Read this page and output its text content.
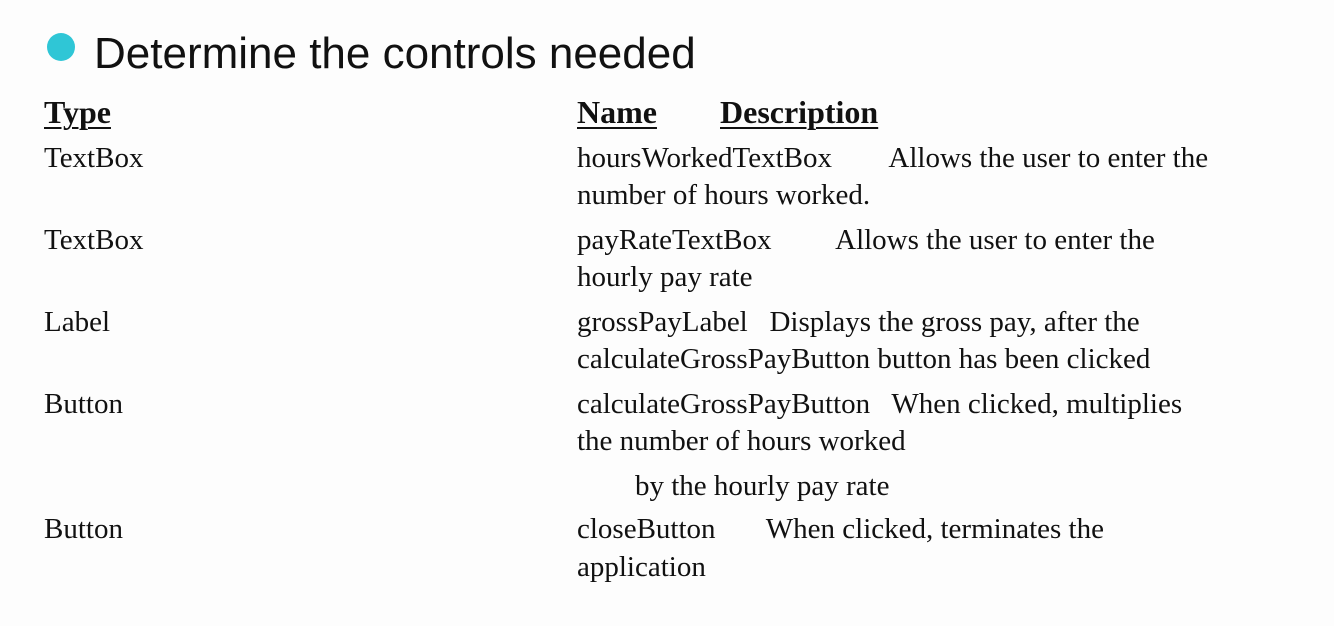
Determine the controls needed
Type	Name Description
TextBox	hoursWorkedTextBox        Allows the user to enter the
number of hours worked.
TextBox	payRateTextBox         Allows the user to enter the
hourly pay rate
Label	grossPayLabel   Displays the gross pay, after the
calculateGrossPayButton button has been clicked
Button	calculateGrossPayButton   When clicked, multiplies
the number of hours worked
by the hourly pay rate
Button	closeButton       When clicked, terminates the
application
